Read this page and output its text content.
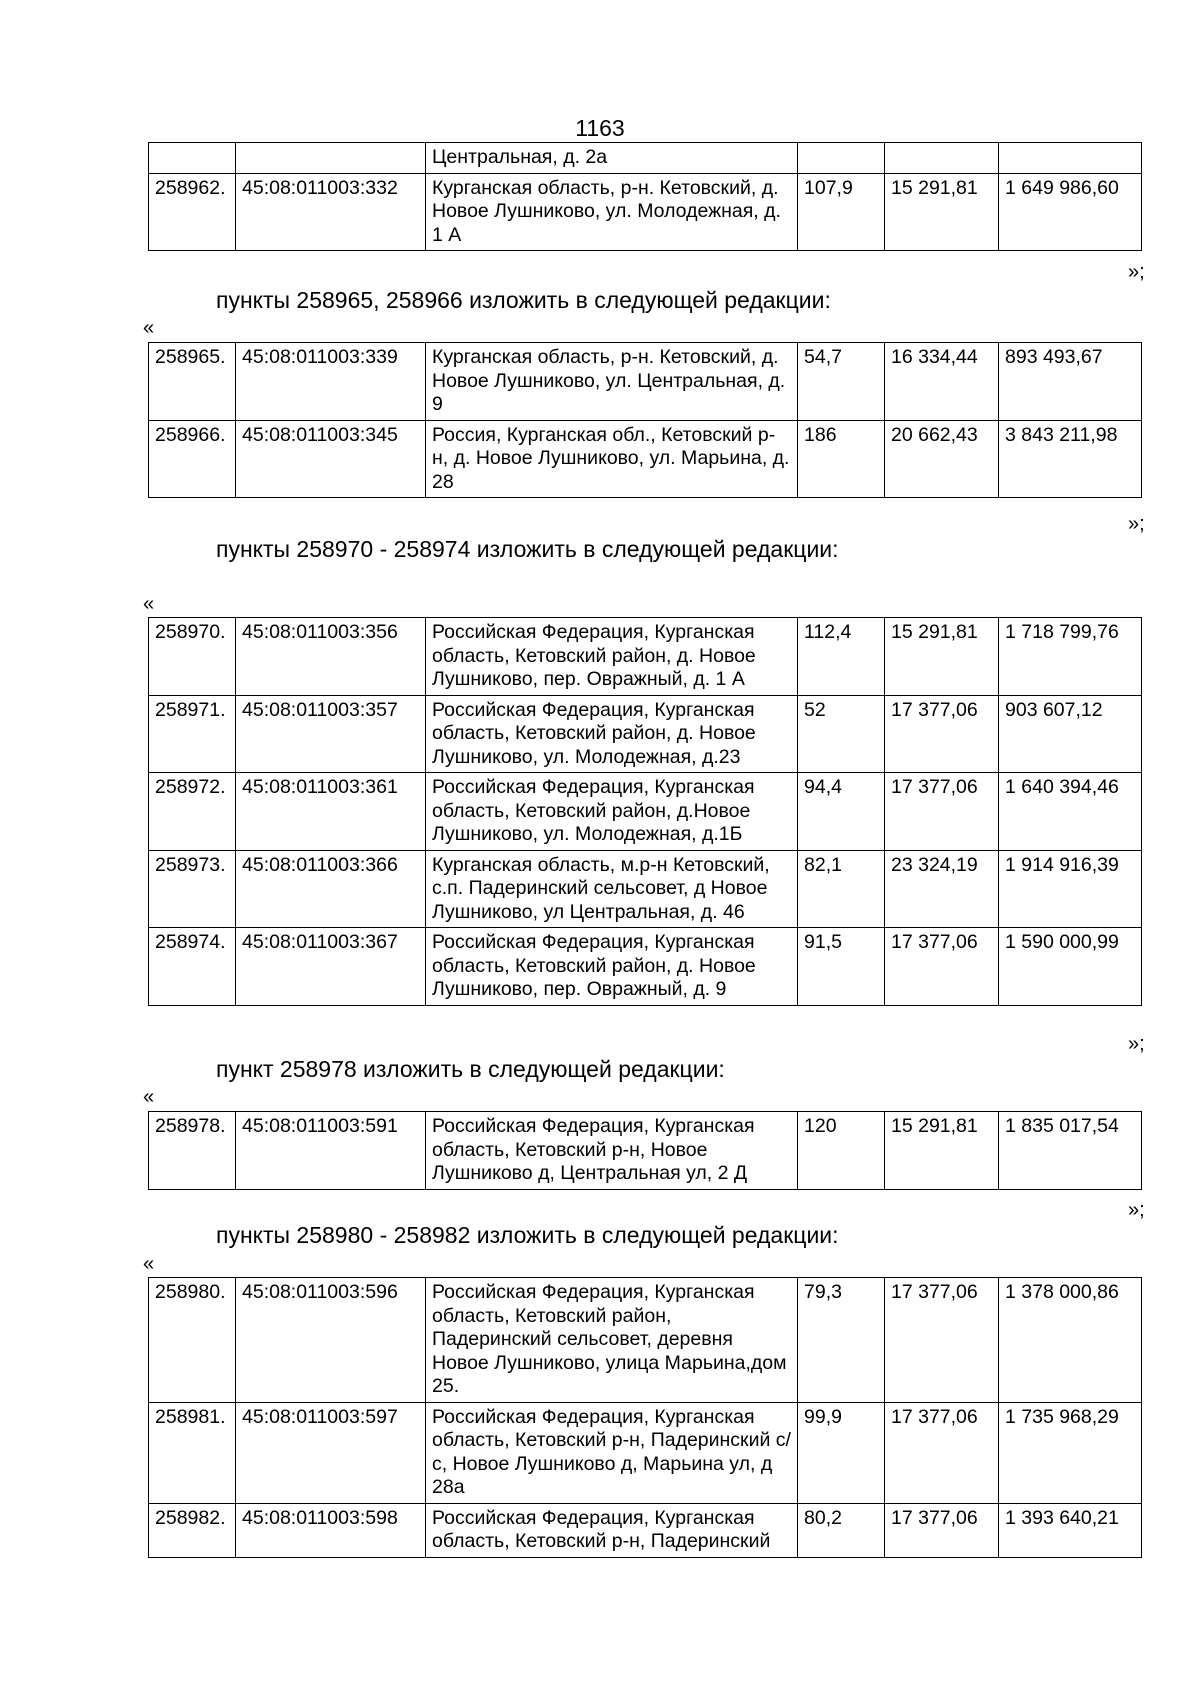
1163
		Центральная, д. 2а			
258962.	45:08:011003:332	Курганская область, р-н. Кетовский, д. Новое Лушниково, ул. Молодежная, д. 1 А	107,9	15 291,81	1 649 986,60
»;
пункты 258965, 258966 изложить в следующей редакции:
«
258965.	45:08:011003:339	Курганская область, р-н. Кетовский, д. Новое Лушниково, ул. Центральная, д. 9	54,7	16 334,44	893 493,67
258966.	45:08:011003:345	Россия, Курганская обл., Кетовский р-н, д. Новое Лушниково, ул. Марьина, д. 28	186	20 662,43	3 843 211,98
»;
пункты 258970 - 258974 изложить в следующей редакции:
«
258970.	45:08:011003:356	Российская Федерация, Курганская область, Кетовский район, д. Новое Лушниково, пер. Овражный, д. 1 А	112,4	15 291,81	1 718 799,76
258971.	45:08:011003:357	Российская Федерация, Курганская область, Кетовский район, д. Новое Лушниково, ул. Молодежная, д.23	52	17 377,06	903 607,12
258972.	45:08:011003:361	Российская Федерация, Курганская область, Кетовский район, д.Новое Лушниково, ул. Молодежная, д.1Б	94,4	17 377,06	1 640 394,46
258973.	45:08:011003:366	Курганская область, м.р-н Кетовский, с.п. Падеринский сельсовет, д Новое Лушниково, ул Центральная, д. 46	82,1	23 324,19	1 914 916,39
258974.	45:08:011003:367	Российская Федерация, Курганская область, Кетовский район, д. Новое Лушниково, пер. Овражный, д. 9	91,5	17 377,06	1 590 000,99
»;
пункт 258978 изложить в следующей редакции:
«
258978.	45:08:011003:591	Российская Федерация, Курганская область, Кетовский р-н, Новое Лушниково д, Центральная ул, 2 Д	120	15 291,81	1 835 017,54
»;
пункты 258980 - 258982 изложить в следующей редакции:
«
258980.	45:08:011003:596	Российская Федерация, Курганская область, Кетовский район, Падеринский сельсовет, деревня Новое Лушниково, улица Марьина,дом 25.	79,3	17 377,06	1 378 000,86
258981.	45:08:011003:597	Российская Федерация, Курганская область, Кетовский р-н, Падеринский с/с, Новое Лушниково д, Марьина ул, д 28а	99,9	17 377,06	1 735 968,29
258982.	45:08:011003:598	Российская Федерация, Курганская область, Кетовский р-н, Падеринский	80,2	17 377,06	1 393 640,21
